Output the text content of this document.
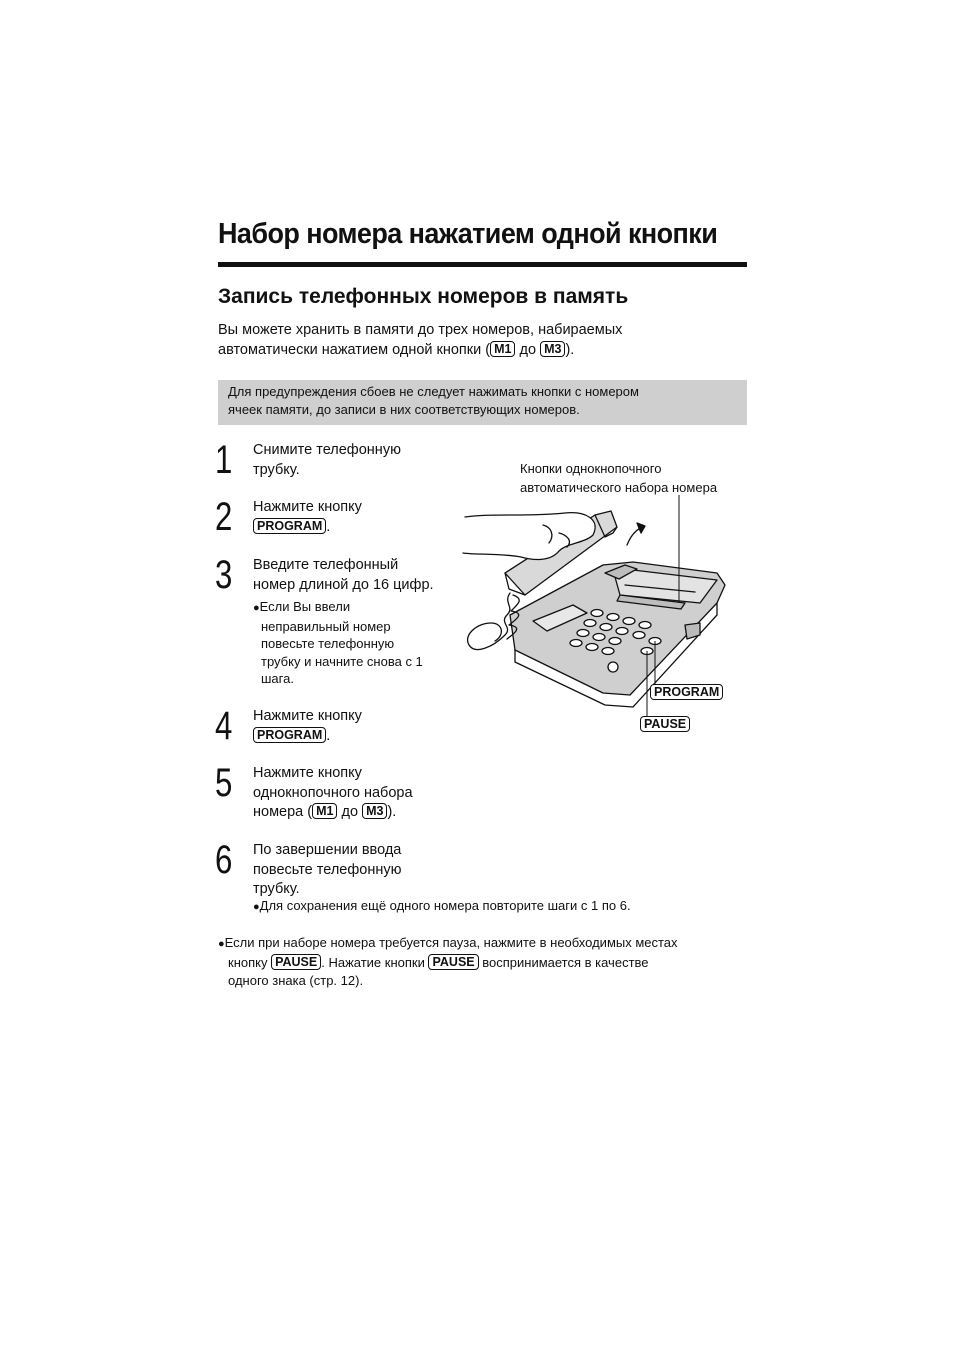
Набор номера нажатием одной кнопки
Запись телефонных номеров в память
Вы можете хранить в памяти до трех номеров, набираемых
автоматически нажатием одной кнопки ( M1 до M3 ).
Для предупреждения сбоев не следует нажимать кнопки с номером
ячеек памяти, до записи в них соответствующих номеров.
1 Снимите телефонную
трубку.
2 Нажмите кнопку
PROGRAM .
3 Введите телефонный
номер длиной до 16 цифр.
●Если Вы ввели
неправильный номер
повесьте телефонную
трубку и начните снова с 1
шага.
4 Нажмите кнопку
PROGRAM .
5 Нажмите кнопку
однокнопочного набора
номера ( M1 до M3 ).
6 По завершении ввода
повесьте телефонную
трубку.
●Для сохранения ещё одного номера повторите шаги с 1 по 6.
●Если при наборе номера требуется пауза, нажмите в необходимых местах
кнопку PAUSE . Нажатие кнопки PAUSE воспринимается в качестве
одного знака (стр. 12).
Кнопки однокнопочного
автоматического набора номера
PROGRAM
PAUSE
